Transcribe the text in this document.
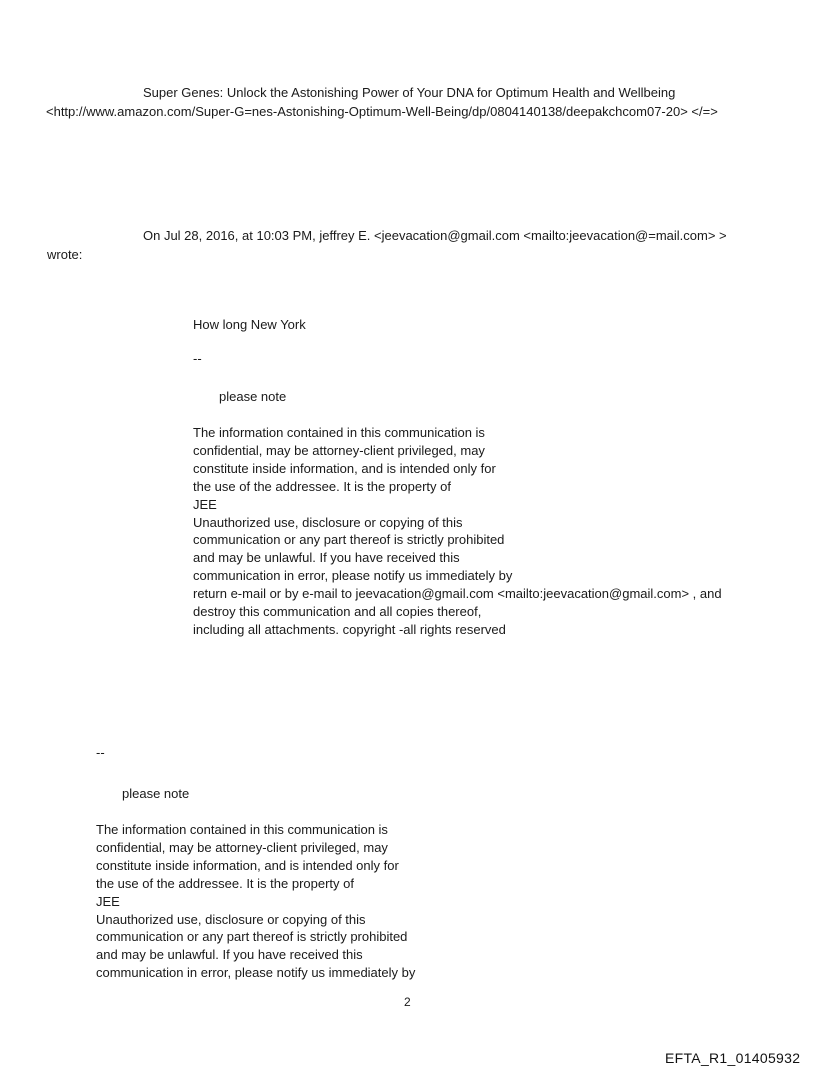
Super Genes: Unlock the Astonishing Power of Your DNA for Optimum Health and Wellbeing
<http://www.amazon.com/Super-G=nes-Astonishing-Optimum-Well-Being/dp/0804140138/deepakchcom07-20> </=>
On Jul 28, 2016, at 10:03 PM, jeffrey E. <jeevacation@gmail.com <mailto:jeevacation@=mail.com> >
wrote:
How long New York
--
please note
The information contained in this communication is
confidential, may be attorney-client privileged, may
constitute inside information, and is intended only for
the use of the addressee. It is the property of
JEE
Unauthorized use, disclosure or copying of this
communication or any part thereof is strictly prohibited
and may be unlawful. If you have received this
communication in error, please notify us immediately by
return e-mail or by e-mail to jeevacation@gmail.com <mailto:jeevacation@gmail.com> , and
destroy this communication and all copies thereof,
including all attachments. copyright -all rights reserved
--
please note
The information contained in this communication is
confidential, may be attorney-client privileged, may
constitute inside information, and is intended only for
the use of the addressee. It is the property of
JEE
Unauthorized use, disclosure or copying of this
communication or any part thereof is strictly prohibited
and may be unlawful. If you have received this
communication in error, please notify us immediately by
2
EFTA_R1_01405932
